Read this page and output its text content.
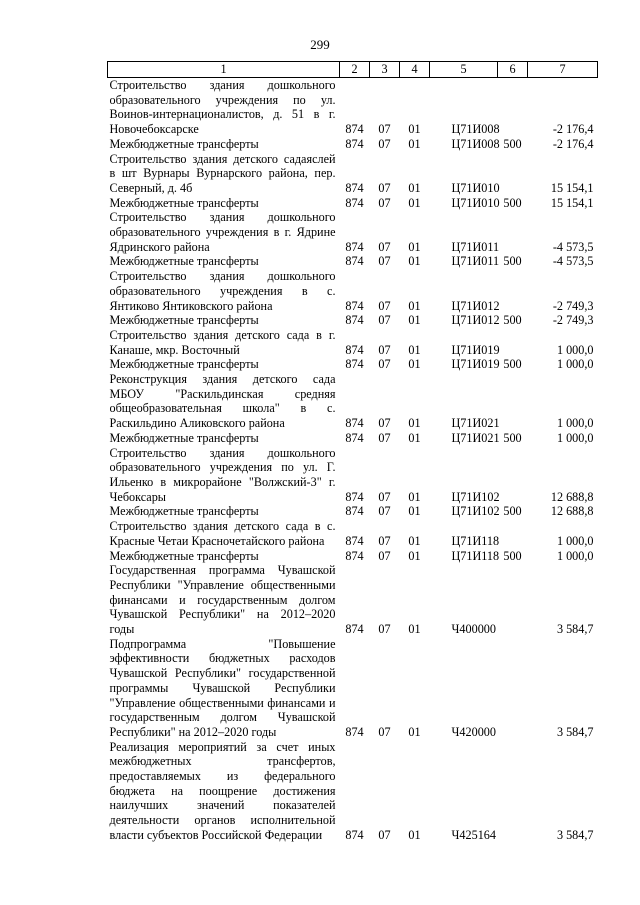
299
1	2	3	4	5	6	7
Строительство здания дошкольного образовательного учреждения по ул. Воинов-интернационалистов, д. 51 в г. Новочебоксарске	874	07	01	Ц71И008		-2 176,4
Межбюджетные трансферты	874	07	01	Ц71И008	500	-2 176,4
Строительство здания детского садаяслей в шт Вурнары Вурнарского района, пер. Северный, д. 4б	874	07	01	Ц71И010		15 154,1
Межбюджетные трансферты	874	07	01	Ц71И010	500	15 154,1
Строительство здания дошкольного образовательного учреждения в г. Ядрине Ядринского района	874	07	01	Ц71И011		-4 573,5
Межбюджетные трансферты	874	07	01	Ц71И011	500	-4 573,5
Строительство здания дошкольного образовательного учреждения в с. Янтиково Янтиковского района	874	07	01	Ц71И012		-2 749,3
Межбюджетные трансферты	874	07	01	Ц71И012	500	-2 749,3
Строительство здания детского сада в г. Канаше, мкр. Восточный	874	07	01	Ц71И019		1 000,0
Межбюджетные трансферты	874	07	01	Ц71И019	500	1 000,0
Реконструкция здания детского сада МБОУ "Раскильдинская средняя общеобразовательная школа" в с. Раскильдино Аликовского района	874	07	01	Ц71И021		1 000,0
Межбюджетные трансферты	874	07	01	Ц71И021	500	1 000,0
Строительство здания дошкольного образовательного учреждения по ул. Г. Ильенко в микрорайоне "Волжский-3" г. Чебоксары	874	07	01	Ц71И102		12 688,8
Межбюджетные трансферты	874	07	01	Ц71И102	500	12 688,8
Строительство здания детского сада в с. Красные Четаи Красночетайского района	874	07	01	Ц71И118		1 000,0
Межбюджетные трансферты	874	07	01	Ц71И118	500	1 000,0
Государственная программа Чувашской Республики "Управление общественными финансами и государственным долгом Чувашской Республики" на 2012–2020 годы	874	07	01	Ч400000		3 584,7
Подпрограмма "Повышение эффективности бюджетных расходов Чувашской Республики" государственной программы Чувашской Республики "Управление общественными финансами и государственным долгом Чувашской Республики" на 2012–2020 годы	874	07	01	Ч420000		3 584,7
Реализация мероприятий за счет иных межбюджетных трансфертов, предоставляемых из федерального бюджета на поощрение достижения наилучших значений показателей деятельности органов исполнительной власти субъектов Российской Федерации	874	07	01	Ч425164		3 584,7
